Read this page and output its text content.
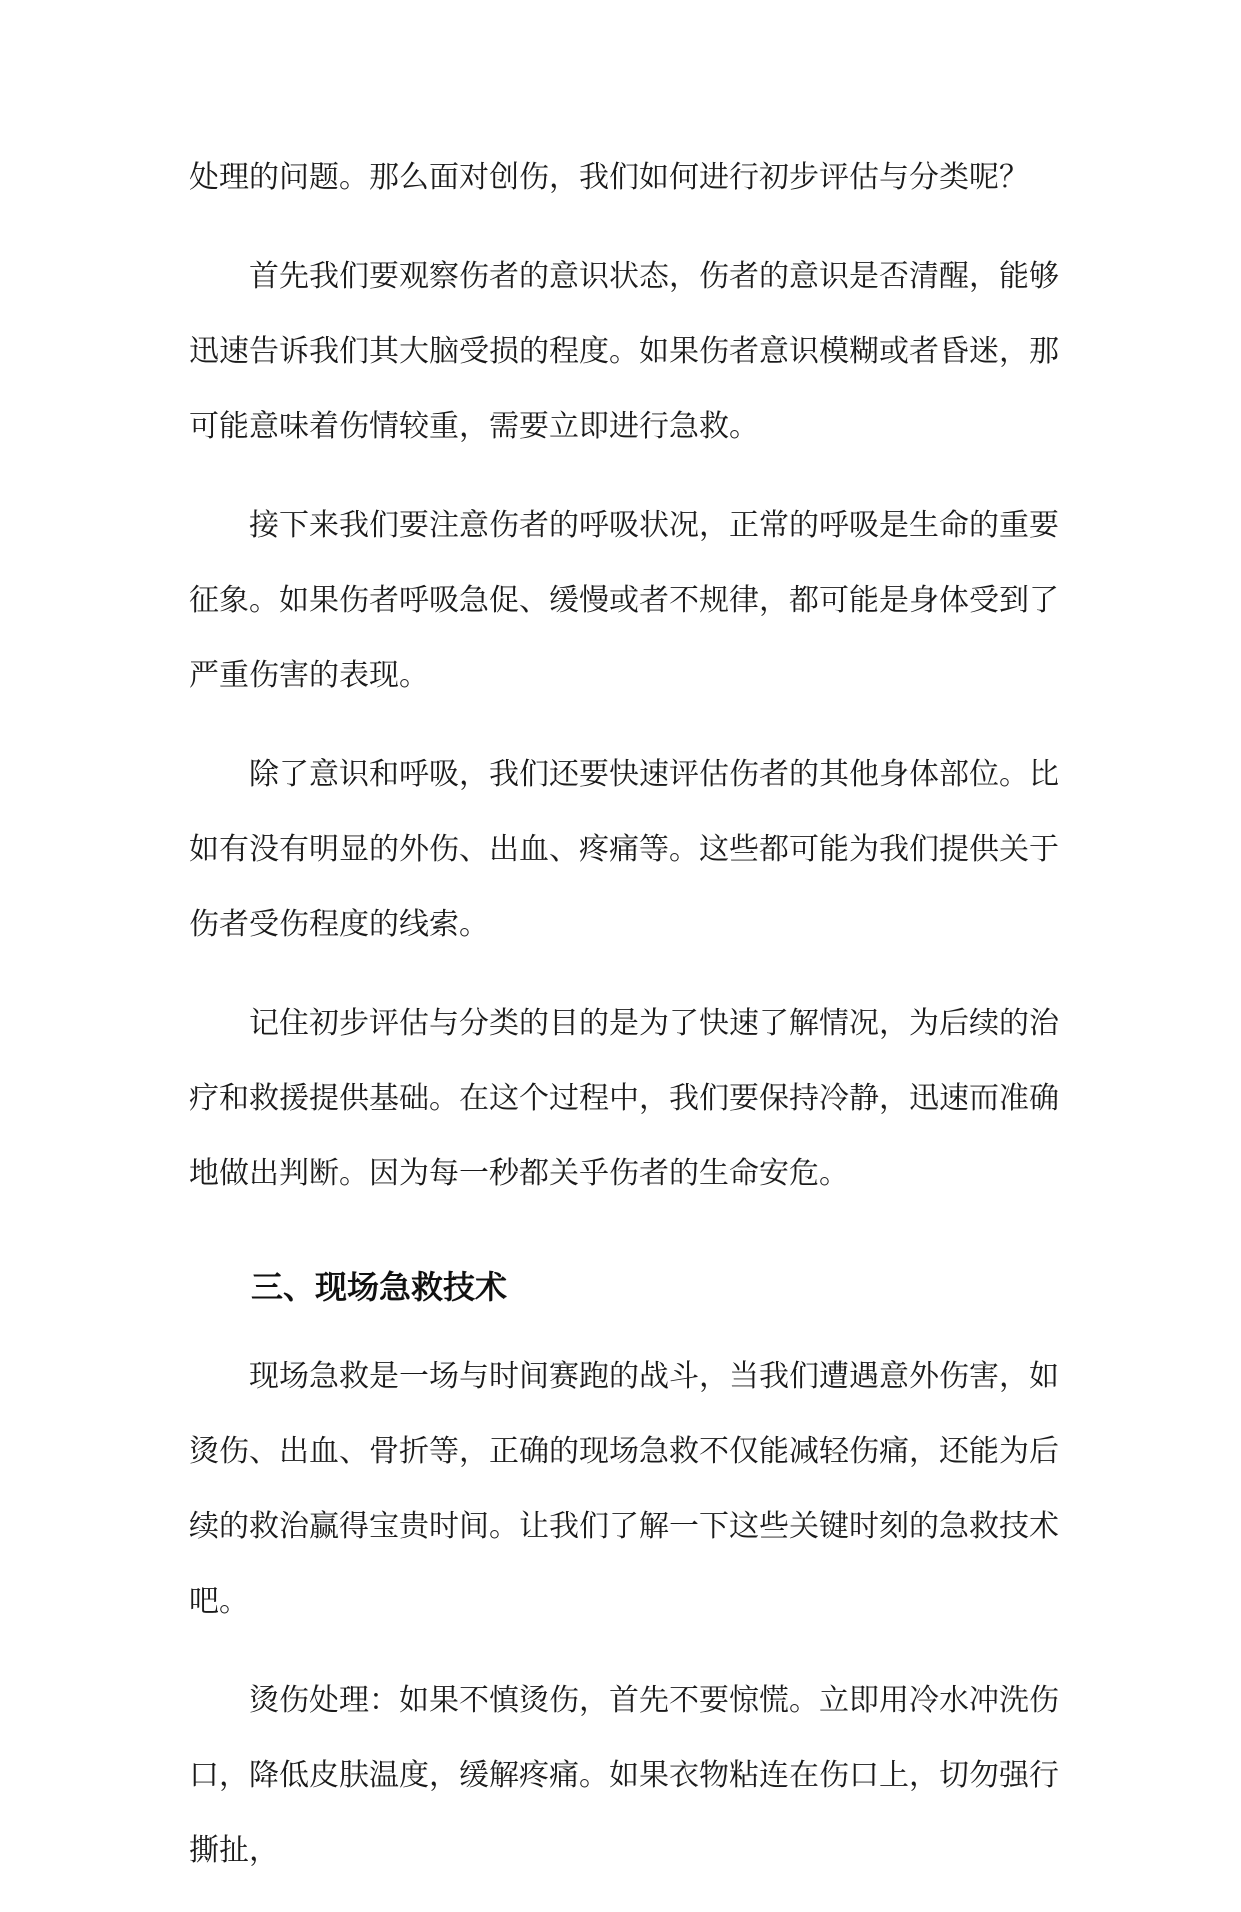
处理的问题。那么面对创伤，我们如何进行初步评估与分类呢？

首先我们要观察伤者的意识状态，伤者的意识是否清醒，能够迅速告诉我们其大脑受损的程度。如果伤者意识模糊或者昏迷，那可能意味着伤情较重，需要立即进行急救。

接下来我们要注意伤者的呼吸状况，正常的呼吸是生命的重要征象。如果伤者呼吸急促、缓慢或者不规律，都可能是身体受到了严重伤害的表现。

除了意识和呼吸，我们还要快速评估伤者的其他身体部位。比如有没有明显的外伤、出血、疼痛等。这些都可能为我们提供关于伤者受伤程度的线索。

记住初步评估与分类的目的是为了快速了解情况，为后续的治疗和救援提供基础。在这个过程中，我们要保持冷静，迅速而准确地做出判断。因为每一秒都关乎伤者的生命安危。

三、现场急救技术

现场急救是一场与时间赛跑的战斗，当我们遭遇意外伤害，如烫伤、出血、骨折等，正确的现场急救不仅能减轻伤痛，还能为后续的救治赢得宝贵时间。让我们了解一下这些关键时刻的急救技术吧。

烫伤处理：如果不慎烫伤，首先不要惊慌。立即用冷水冲洗伤口，降低皮肤温度，缓解疼痛。如果衣物粘连在伤口上，切勿强行撕扯，
